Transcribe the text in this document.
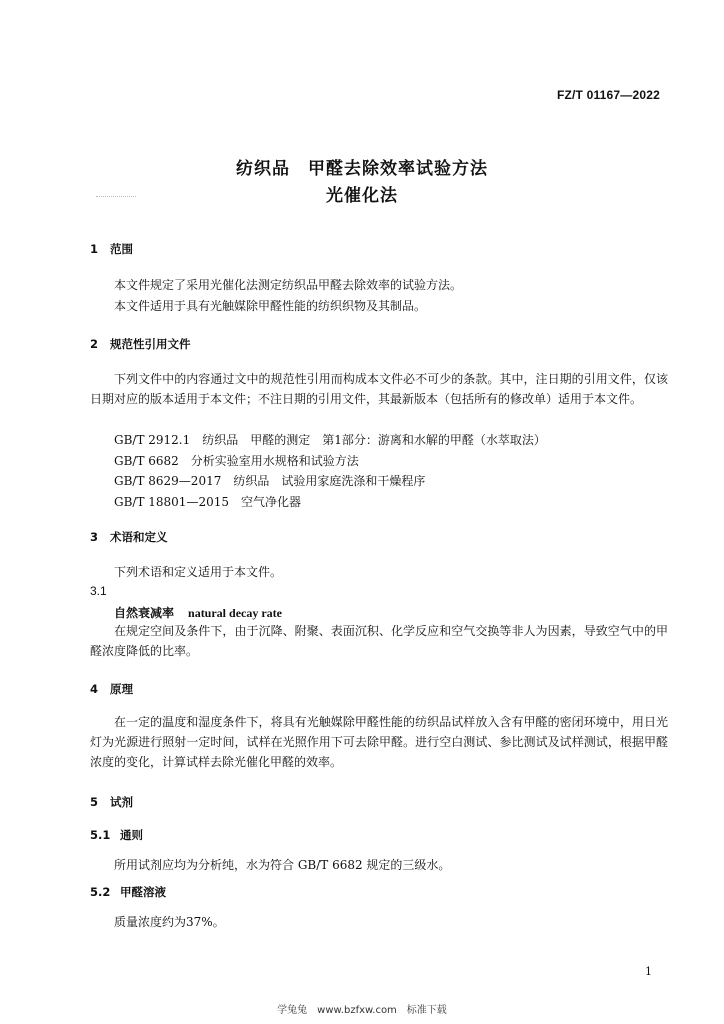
FZ/T 01167—2022
纺织品　甲醛去除效率试验方法
光催化法
1 范围
本文件规定了采用光催化法测定纺织品甲醛去除效率的试验方法。
本文件适用于具有光触媒除甲醛性能的纺织织物及其制品。
2 规范性引用文件
下列文件中的内容通过文中的规范性引用而构成本文件必不可少的条款。其中，注日期的引用文件，仅该日期对应的版本适用于本文件；不注日期的引用文件，其最新版本（包括所有的修改单）适用于本文件。
GB/T 2912.1　纺织品　甲醛的测定　第1部分：游离和水解的甲醛（水萃取法）
GB/T 6682　分析实验室用水规格和试验方法
GB/T 8629—2017　纺织品　试验用家庭洗涤和干燥程序
GB/T 18801—2015　空气净化器
3 术语和定义
下列术语和定义适用于本文件。
3.1
自然衰减率 natural decay rate
在规定空间及条件下，由于沉降、附聚、表面沉积、化学反应和空气交换等非人为因素，导致空气中的甲醛浓度降低的比率。
4 原理
在一定的温度和湿度条件下，将具有光触媒除甲醛性能的纺织品试样放入含有甲醛的密闭环境中，用日光灯为光源进行照射一定时间，试样在光照作用下可去除甲醛。进行空白测试、参比测试及试样测试，根据甲醛浓度的变化，计算试样去除光催化甲醛的效率。
5 试剂
5.1 通则
所用试剂应均为分析纯，水为符合 GB/T 6682 规定的三级水。
5.2 甲醛溶液
质量浓度约为37%。
1
学兔兔　www.bzfxw.com　标准下载
